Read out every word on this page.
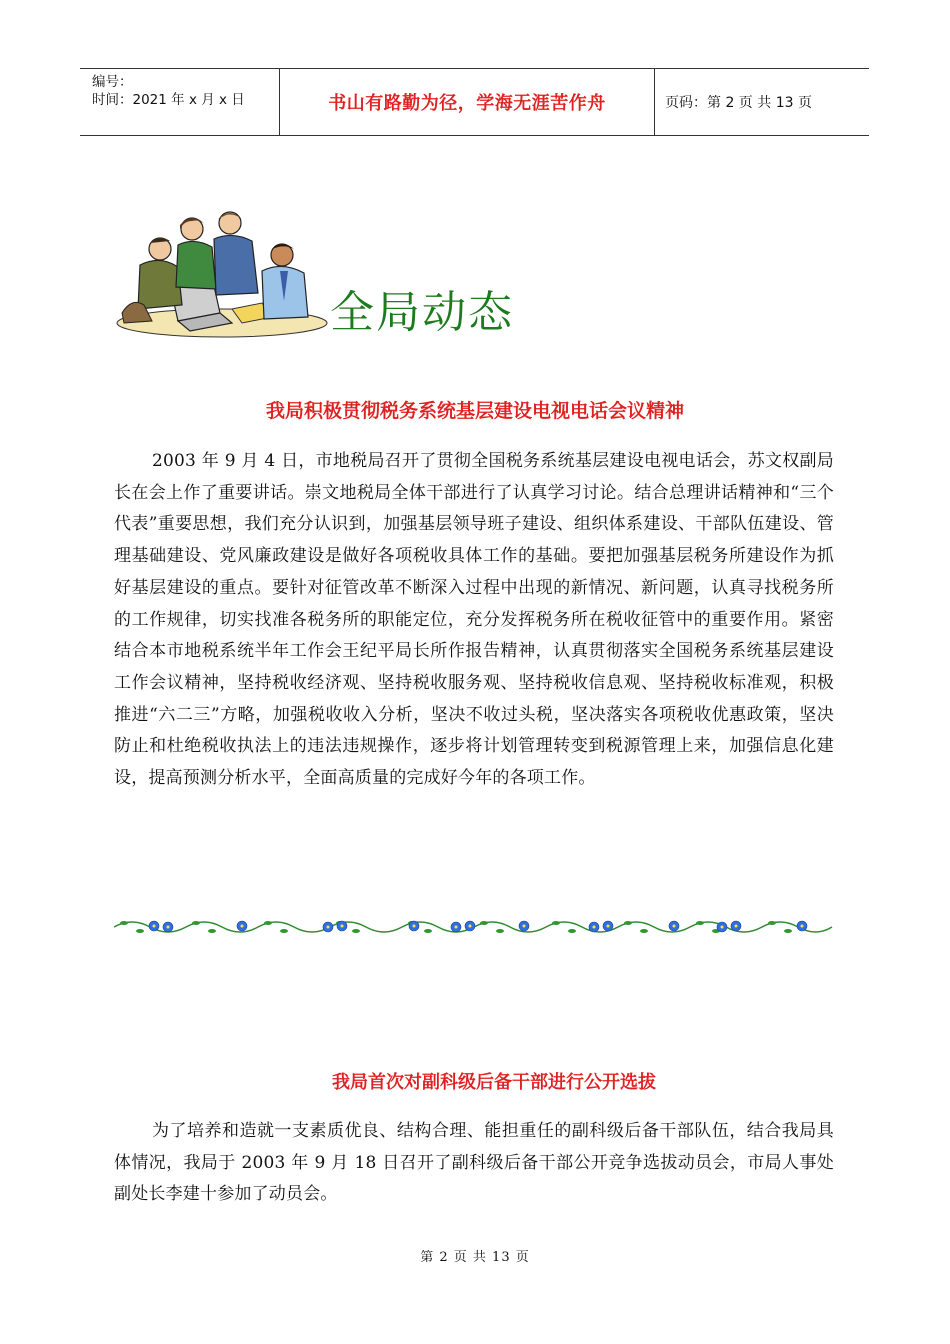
编号：
时间：2021 年 x 月 x 日	书山有路勤为径，学海无涯苦作舟	页码：第 2 页 共 13 页
全局动态
我局积极贯彻税务系统基层建设电视电话会议精神

2003 年 9 月 4 日，市地税局召开了贯彻全国税务系统基层建设电视电话会，苏文权副局长在会上作了重要讲话。崇文地税局全体干部进行了认真学习讨论。结合总理讲话精神和“三个代表”重要思想，我们充分认识到，加强基层领导班子建设、组织体系建设、干部队伍建设、管理基础建设、党风廉政建设是做好各项税收具体工作的基础。要把加强基层税务所建设作为抓好基层建设的重点。要针对征管改革不断深入过程中出现的新情况、新问题，认真寻找税务所的工作规律，切实找准各税务所的职能定位，充分发挥税务所在税收征管中的重要作用。紧密结合本市地税系统半年工作会王纪平局长所作报告精神，认真贯彻落实全国税务系统基层建设工作会议精神，坚持税收经济观、坚持税收服务观、坚持税收信息观、坚持税收标准观，积极推进“六二三”方略，加强税收收入分析，坚决不收过头税，坚决落实各项税收优惠政策，坚决防止和杜绝税收执法上的违法违规操作，逐步将计划管理转变到税源管理上来，加强信息化建设，提高预测分析水平，全面高质量的完成好今年的各项工作。

我局首次对副科级后备干部进行公开选拔

为了培养和造就一支素质优良、结构合理、能担重任的副科级后备干部队伍，结合我局具体情况，我局于 2003 年 9 月 18 日召开了副科级后备干部公开竞争选拔动员会，市局人事处副处长李建十参加了动员会。

第 2 页 共 13 页
